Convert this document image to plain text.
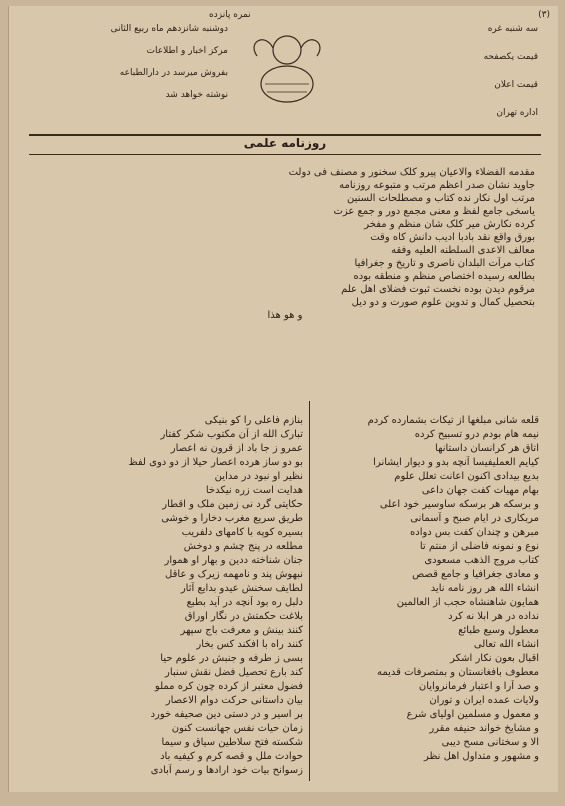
(۳)
نمره پانزده
سه شنبه غره
قیمت یکصفحه
قیمت اعلان
اداره تهران
دوشنبه شانزدهم ماه ربیع الثانی
مرکز اخبار و اطلاعات
بفروش میرسد در دارالطباعه
نوشته خواهد شد
روزنامه علمی
مقدمه الفضلاء والاعیان پیرو کلک سخنور و مصنف فی دولت
جاوید نشان صدر اعظم مرتب و متبوعه روزنامه
مرتب اول نکار نده کتاب و مصطلحات السنین
یاسخی جامع لفظ و معنی مجمع دور و جمع عزت
کرده نکارش میر کلک شان منظم و مفخر
بورق واقع نقد بادبا ادیب دانش کاه وقت
معالف الاعدی السلطنه العلیه وفقه
کتاب مرآت البلدان ناصری و تاریخ و جغرافیا
بطالعه رسیده اختصاص منظم و منطقه بوده
مرقوم دیدن بوده نخست ثبوت فضلای اهل علم
بتحصیل کمال و تدوین علوم صورت و دو دیل
و هو هذا
قلعه شانی مبلغها از تیکات بشمارده کردم
نیمه هام بودم درو تسبیح کرده
اتاق هر کرانسان داستانها
کیایم العملیفیسا آنچه بدو و دیوار ایشانرا
بدیع بیدادی اکنون اعانت تعلل علوم
بهام مهیات کفت جهان داعی
و برسکه هر برسکه ساوسیر خود اعلی
مربکاری در ایام صبح و آسمانی
مبرهن و چندان کفت بس دواده
نوع و نمونه فاضلی از منتم تا
کتاب مروج الذهب مسعودی
و معادی جغرافیا و جامع قصص
انشاء الله هر روز نامه ناید
همایون شاهنشاه حجب از العالمین
نداده در هر ابلا نه کرد
معطول وسیع طبائع
انشاء الله تعالی
اقبال بعون نکار اشکر
معطوف بافغانستان و بمتصرفات قدیمه
و صد آرا و اعتبار فرمانروایان
ولایات عمده ایران و توران
و معمول و مسلمین اولیای شرع
و مشایخ خواند حنیفه مقرر
الا و سختانی مسح دیبی
و مشهور و متداول اهل نظر
بنازم فاعلی را کو بنیکی
تبارک الله از آن مکتوب شکر کفتار
عمرو ز جا باد از قرون نه اعصار
بو دو ساز هرده اعصار حیلا از دو دوی لفظ
نظیر او نبود در مداین
هدایت است زره نیکدخا
حکایتی گرد نی زمین ملک و اقطار
طریق سریع مغرب دخارا و خوشی
بسیره کوپه با کامهای دلفریب
مطلعه در پنج چشم و دوخش
جنان شناخته ددین و بهار او هموار
نبهوش پند و نامهمه زیرک و عاقل
لطایف سخنش عیدو بدایع آثار
دلبل ره بود آنچه در آید بطبع
بلاغت حکمتش در نگار اوراق
کنند بینش و معرفت باج سپهر
کنند راه با افکند کس بخار
بسی ز طرفه و جنبش در علوم حیا
کند بارع تحصیل فضل نقش سنبار
فضول معتبر از کرده چون کره مملو
بیان داستانی حرکت دوام الاعصار
بر اسیر و در دستی دین صحیفه خورد
زمان حیات نفس جهانست کنون
شکسته فتح سلاطین سیاق و سیما
حوادث ملل و قصه کرم و کیفیه باد
زسوانح بیات خود ارادها و رسم آبادی
